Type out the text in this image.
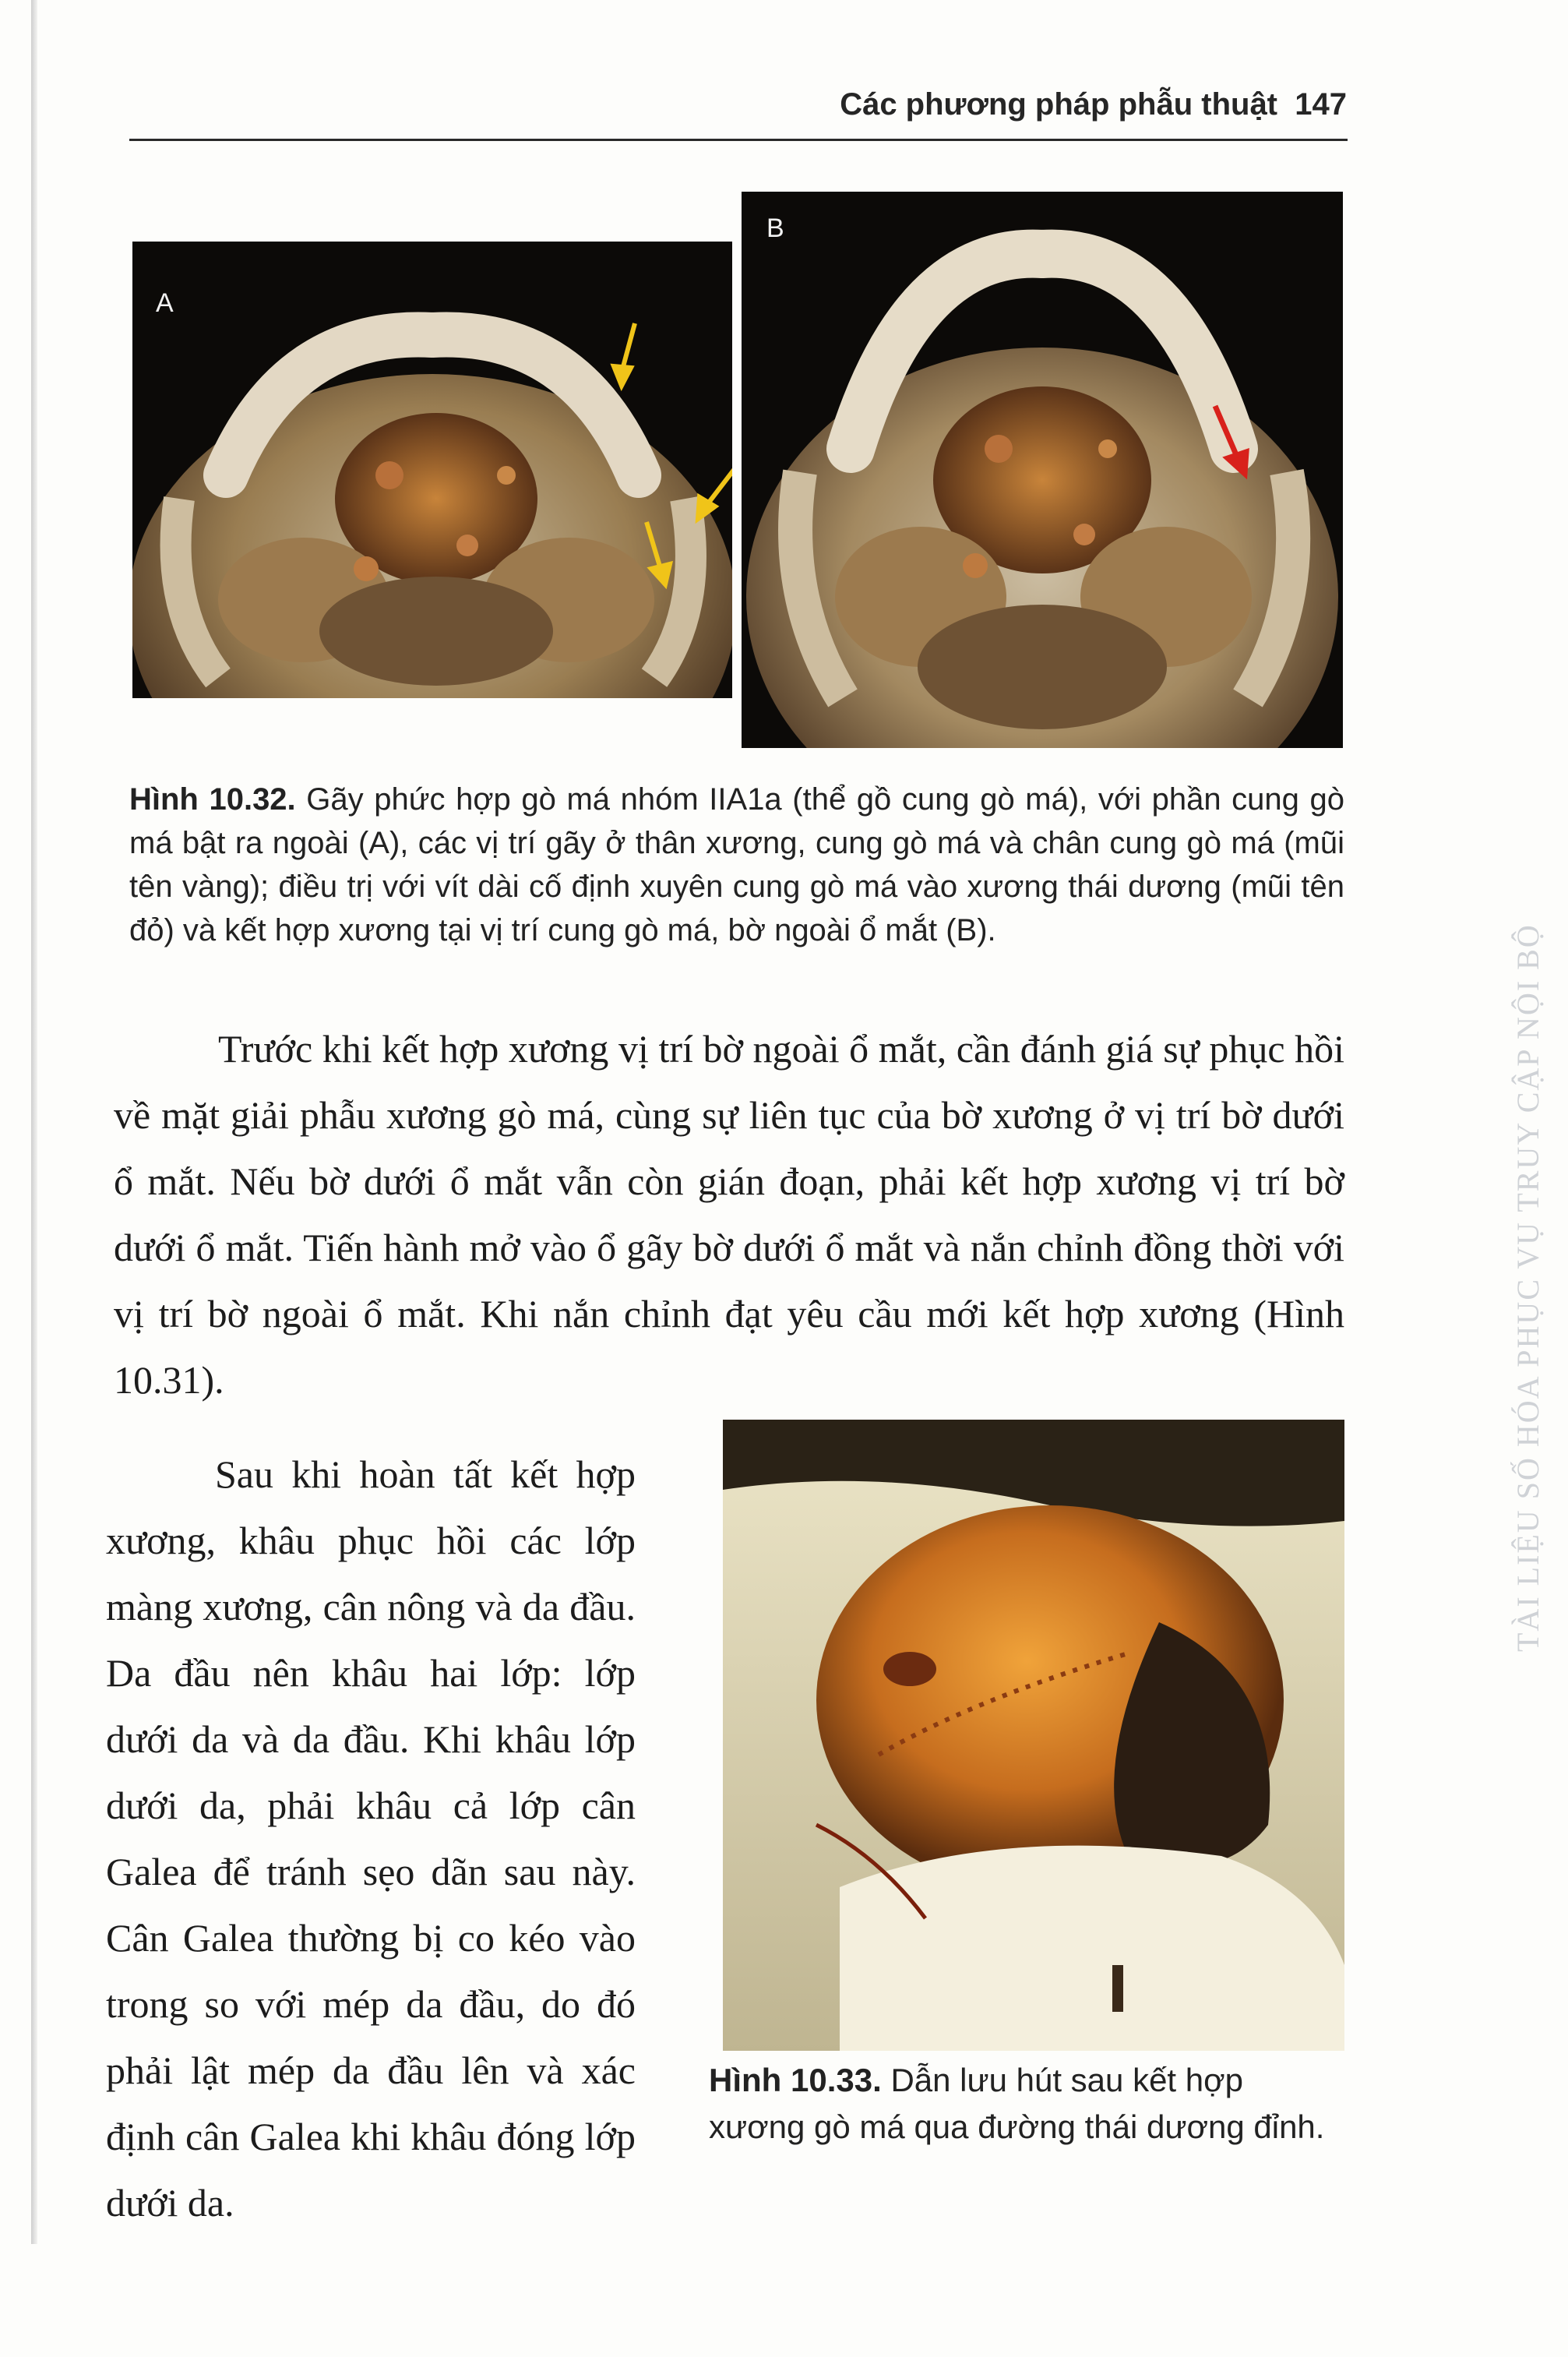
Các phương pháp phẫu thuật 147
A
B
Hình 10.32. Gãy phức hợp gò má nhóm IIA1a (thể gồ cung gò má), với phần cung gò má bật ra ngoài (A), các vị trí gãy ở thân xương, cung gò má và chân cung gò má (mũi tên vàng); điều trị với vít dài cố định xuyên cung gò má vào xương thái dương (mũi tên đỏ) và kết hợp xương tại vị trí cung gò má, bờ ngoài ổ mắt (B).
Trước khi kết hợp xương vị trí bờ ngoài ổ mắt, cần đánh giá sự phục hồi về mặt giải phẫu xương gò má, cùng sự liên tục của bờ xương ở vị trí bờ dưới ổ mắt. Nếu bờ dưới ổ mắt vẫn còn gián đoạn, phải kết hợp xương vị trí bờ dưới ổ mắt. Tiến hành mở vào ổ gãy bờ dưới ổ mắt và nắn chỉnh đồng thời với vị trí bờ ngoài ổ mắt. Khi nắn chỉnh đạt yêu cầu mới kết hợp xương (Hình 10.31).
Sau khi hoàn tất kết hợp xương, khâu phục hồi các lớp màng xương, cân nông và da đầu. Da đầu nên khâu hai lớp: lớp dưới da và da đầu. Khi khâu lớp dưới da, phải khâu cả lớp cân Galea để tránh sẹo dãn sau này. Cân Galea thường bị co kéo vào trong so với mép da đầu, do đó phải lật mép da đầu lên và xác định cân Galea khi khâu đóng lớp dưới da.
Hình 10.33. Dẫn lưu hút sau kết hợp xương gò má qua đường thái dương đỉnh.
TÀI LIỆU SỐ HÓA PHỤC VỤ TRUY CẬP NỘI BỘ
